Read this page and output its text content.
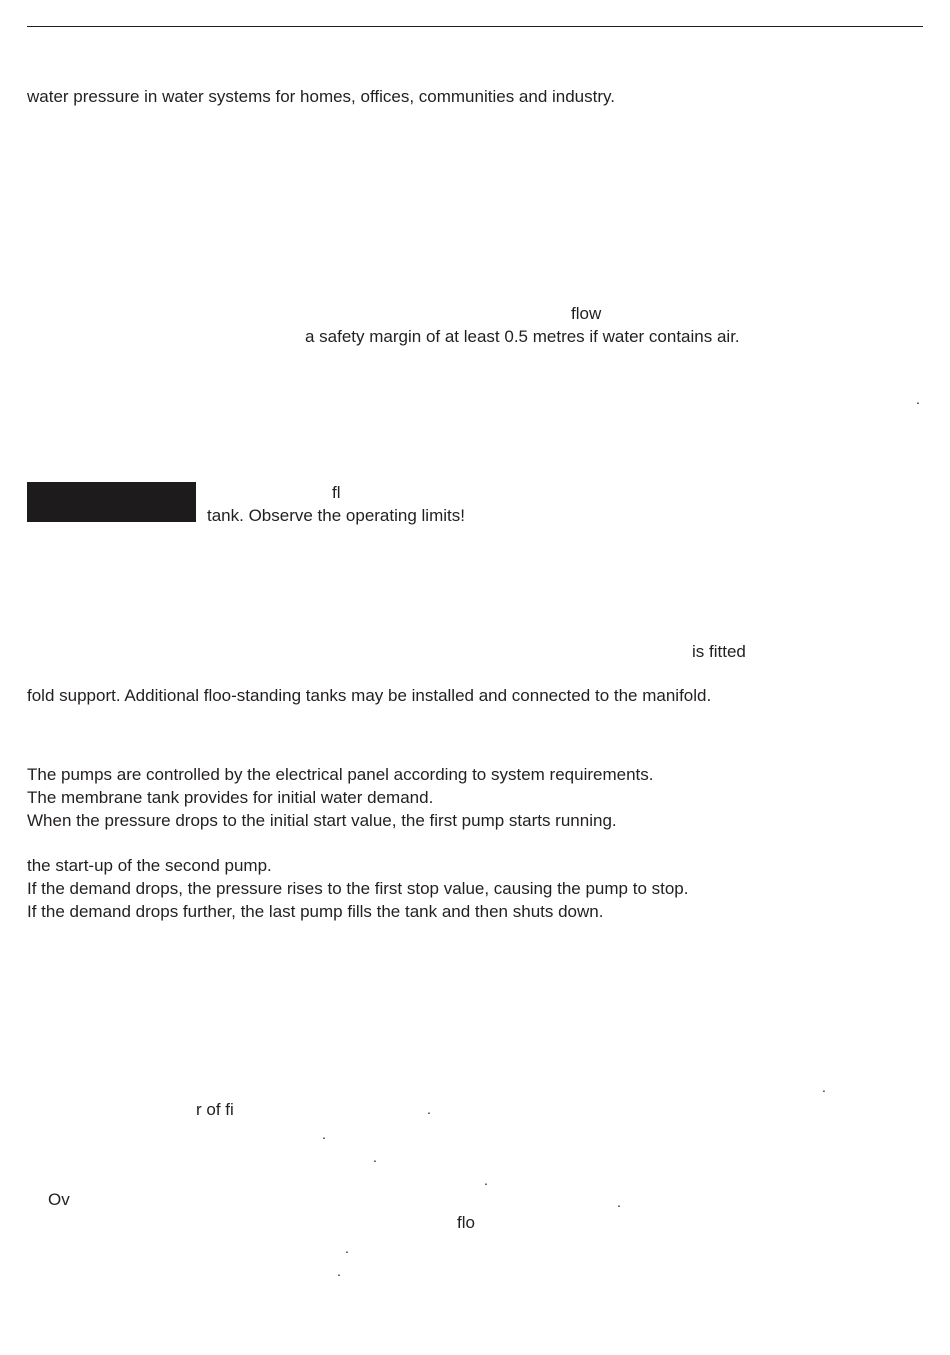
water pressure in water systems for homes, offices, communities and industry.
flow
a safety margin of at least 0.5 metres if water contains air.
.
fl
tank. Observe the operating limits!
is fitted
fold support. Additional floo-standing tanks may be installed and connected to the manifold.
The pumps are controlled by the electrical panel according to system requirements.
The membrane tank provides for initial water demand.
When the pressure drops to the initial start value, the first pump starts running.
the start-up of the second pump.
If the demand drops, the pressure rises to the first stop value, causing the pump to stop.
If the demand drops further, the last pump fills the tank and then shuts down.
.
r of fi	.
.
.
.
Ov	.
flo
.
.
